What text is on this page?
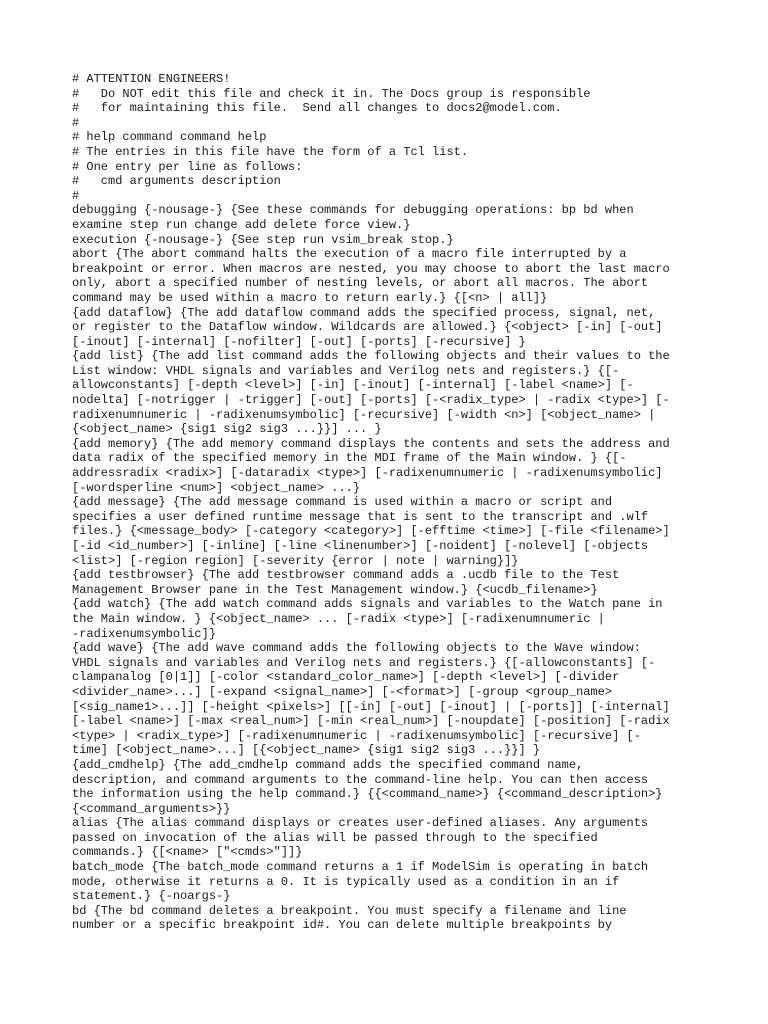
# ATTENTION ENGINEERS!
#   Do NOT edit this file and check it in. The Docs group is responsible
#   for maintaining this file.  Send all changes to docs2@model.com.
#
# help command command help
# The entries in this file have the form of a Tcl list.
# One entry per line as follows:
#   cmd arguments description
#
debugging {-nousage-} {See these commands for debugging operations: bp bd when
examine step run change add delete force view.}
execution {-nousage-} {See step run vsim_break stop.}
abort {The abort command halts the execution of a macro file interrupted by a
breakpoint or error. When macros are nested, you may choose to abort the last macro
only, abort a specified number of nesting levels, or abort all macros. The abort
command may be used within a macro to return early.} {[<n> | all]}
{add dataflow} {The add dataflow command adds the specified process, signal, net,
or register to the Dataflow window. Wildcards are allowed.} {<object> [-in] [-out]
[-inout] [-internal] [-nofilter] [-out] [-ports] [-recursive] }
{add list} {The add list command adds the following objects and their values to the
List window: VHDL signals and variables and Verilog nets and registers.} {[-
allowconstants] [-depth <level>] [-in] [-inout] [-internal] [-label <name>] [-
nodelta] [-notrigger | -trigger] [-out] [-ports] [-<radix_type> | -radix <type>] [-
radixenumnumeric | -radixenumsymbolic] [-recursive] [-width <n>] [<object_name> |
{<object_name> {sig1 sig2 sig3 ...}}] ... }
{add memory} {The add memory command displays the contents and sets the address and
data radix of the specified memory in the MDI frame of the Main window. } {[-
addressradix <radix>] [-dataradix <type>] [-radixenumnumeric | -radixenumsymbolic]
[-wordsperline <num>] <object_name> ...}
{add message} {The add message command is used within a macro or script and
specifies a user defined runtime message that is sent to the transcript and .wlf
files.} {<message_body> [-category <category>] [-efftime <time>] [-file <filename>]
[-id <id_number>] [-inline] [-line <linenumber>] [-noident] [-nolevel] [-objects
<list>] [-region region] [-severity {error | note | warning}]}
{add testbrowser} {The add testbrowser command adds a .ucdb file to the Test
Management Browser pane in the Test Management window.} {<ucdb_filename>}
{add watch} {The add watch command adds signals and variables to the Watch pane in
the Main window. } {<object_name> ... [-radix <type>] [-radixenumnumeric |
-radixenumsymbolic]}
{add wave} {The add wave command adds the following objects to the Wave window:
VHDL signals and variables and Verilog nets and registers.} {[-allowconstants] [-
clampanalog [0|1]] [-color <standard_color_name>] [-depth <level>] [-divider
<divider_name>...] [-expand <signal_name>] [-<format>] [-group <group_name>
[<sig_name1>...]] [-height <pixels>] [[-in] [-out] [-inout] | [-ports]] [-internal]
[-label <name>] [-max <real_num>] [-min <real_num>] [-noupdate] [-position] [-radix
<type> | <radix_type>] [-radixenumnumeric | -radixenumsymbolic] [-recursive] [-
time] [<object_name>...] [{<object_name> {sig1 sig2 sig3 ...}}] }
{add_cmdhelp} {The add_cmdhelp command adds the specified command name,
description, and command arguments to the command-line help. You can then access
the information using the help command.} {{<command_name>} {<command_description>}
{<command_arguments>}}
alias {The alias command displays or creates user-defined aliases. Any arguments
passed on invocation of the alias will be passed through to the specified
commands.} {[<name> ["<cmds>"]]}
batch_mode {The batch_mode command returns a 1 if ModelSim is operating in batch
mode, otherwise it returns a 0. It is typically used as a condition in an if
statement.} {-noargs-}
bd {The bd command deletes a breakpoint. You must specify a filename and line
number or a specific breakpoint id#. You can delete multiple breakpoints by
